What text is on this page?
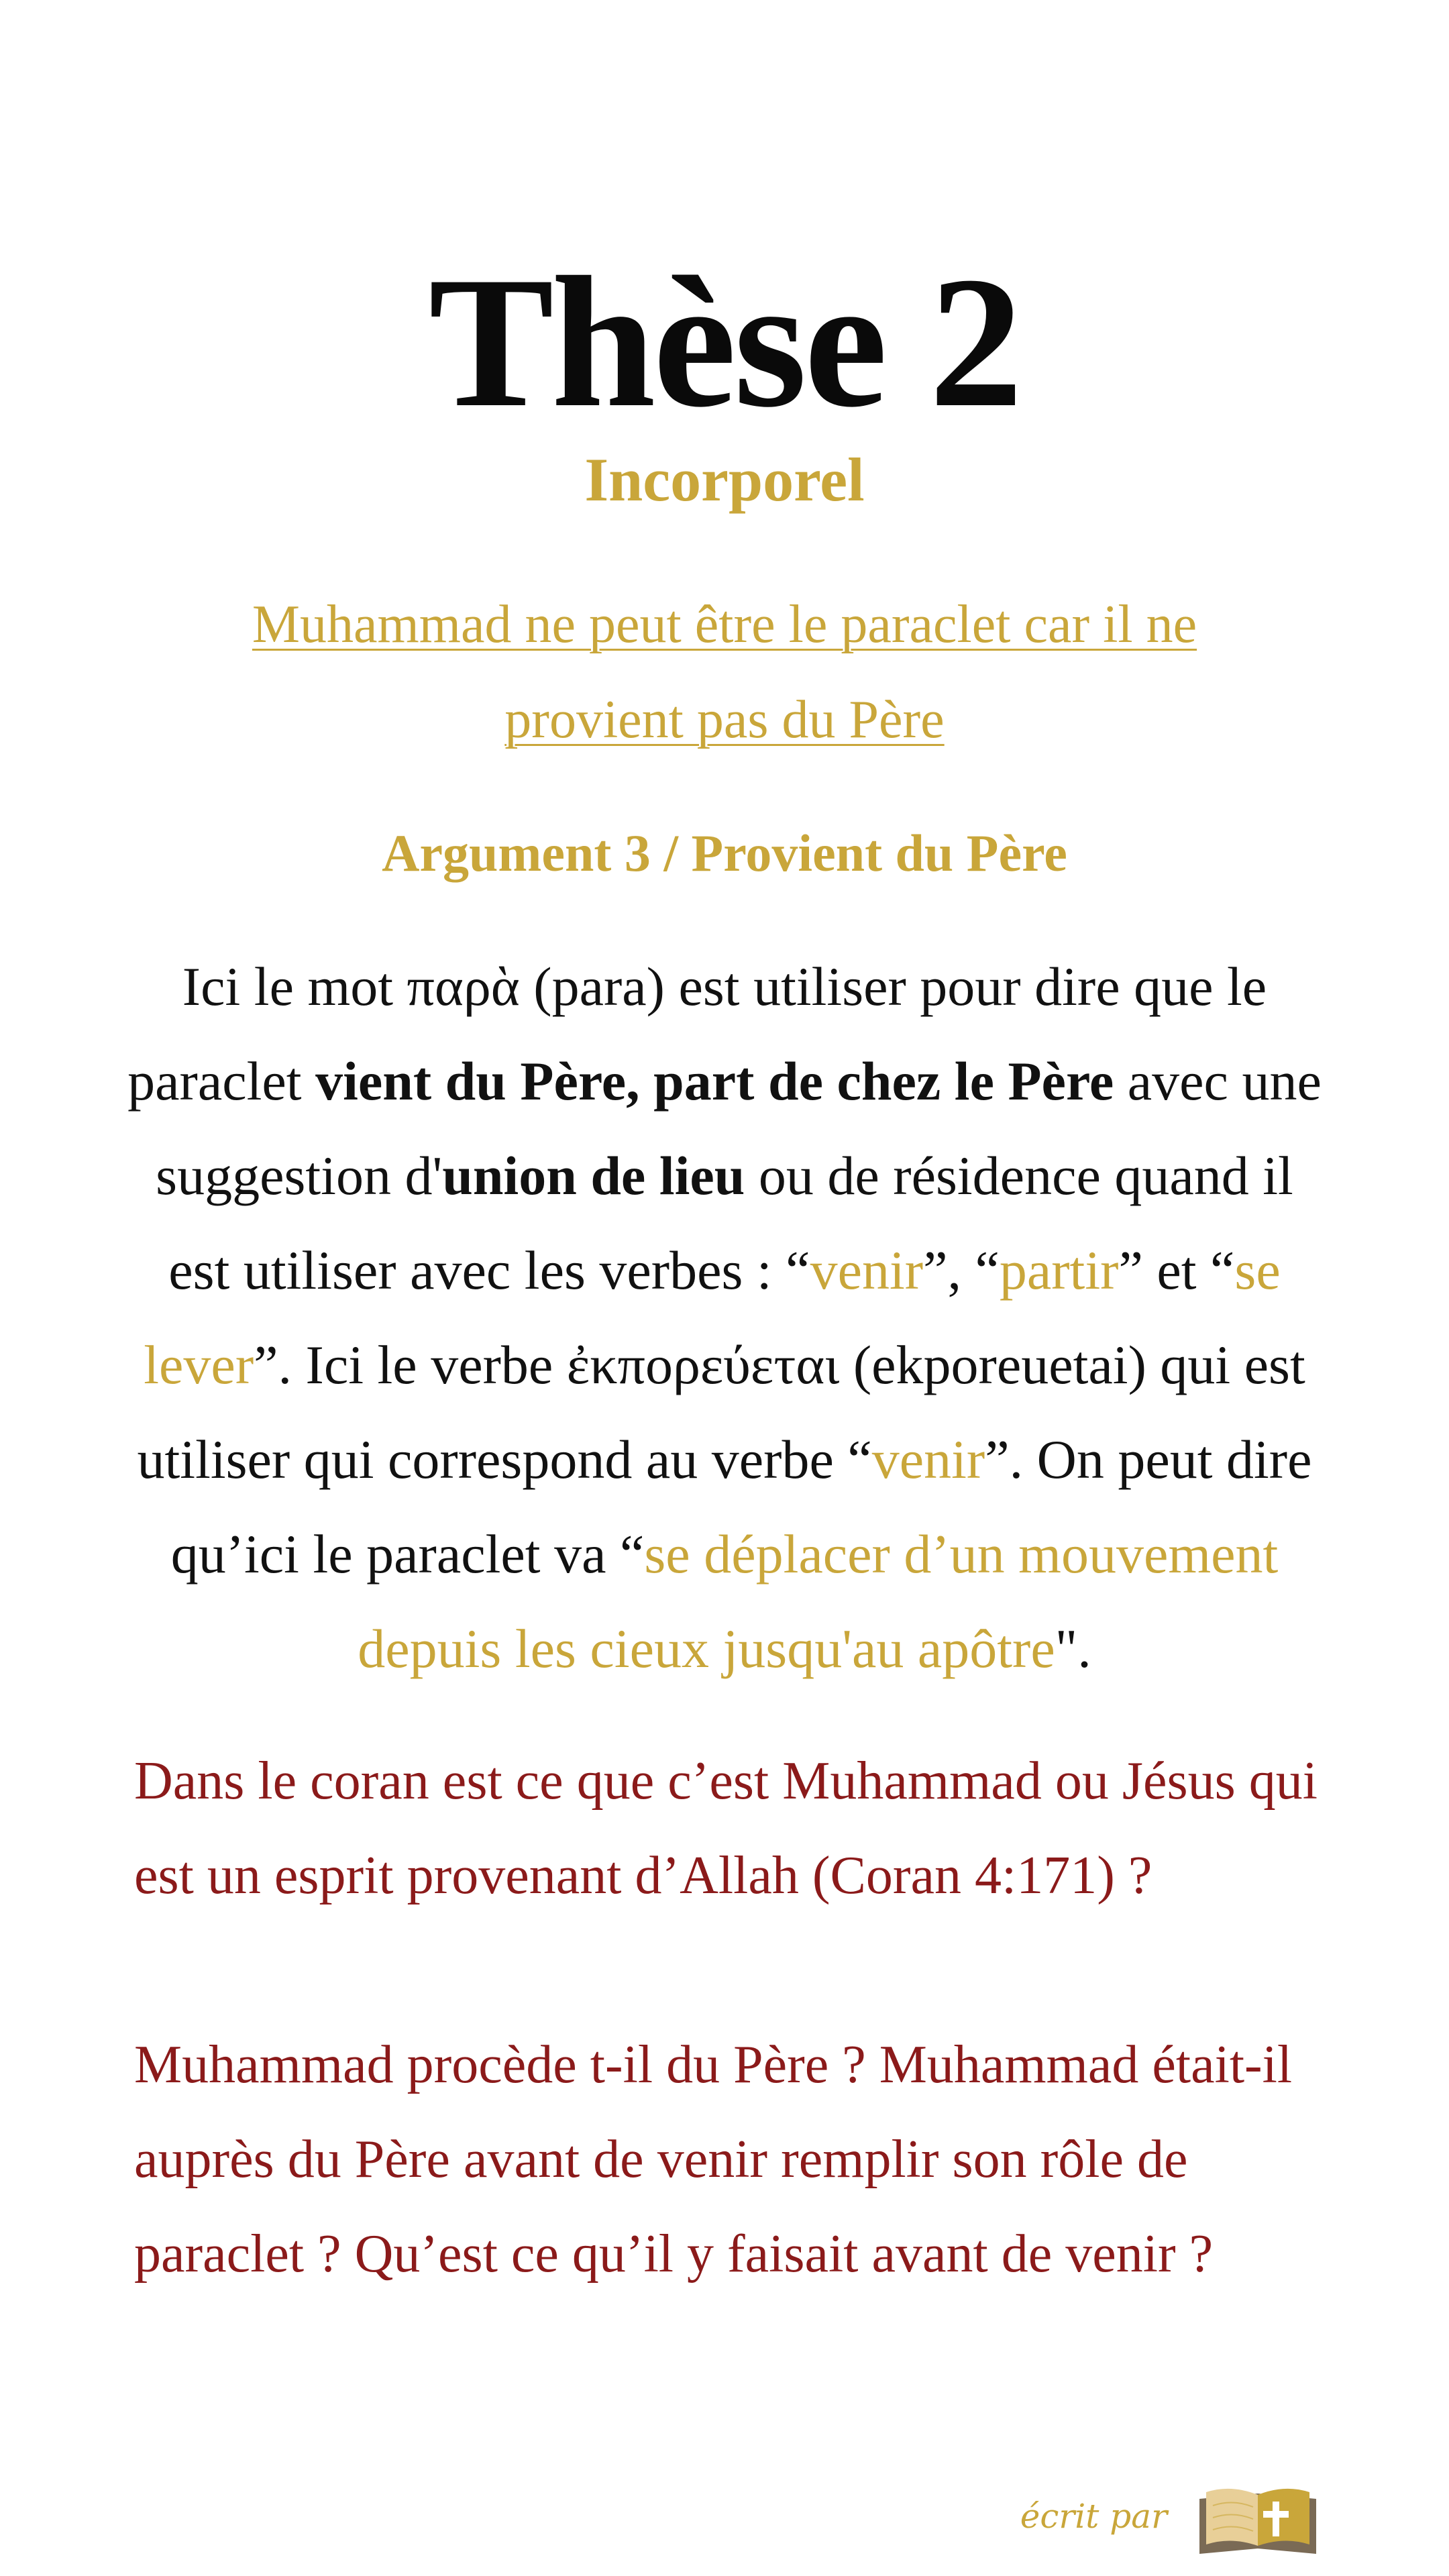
Thèse 2
Incorporel
Muhammad ne peut être le paraclet car il ne
provient pas du Père
Argument 3 / Provient du Père
Ici le mot παρὰ (para) est utiliser pour dire que le paraclet vient du Père, part de chez le Père avec une suggestion d'union de lieu ou de résidence quand il est utiliser avec les verbes : “venir”, “partir” et “se lever”. Ici le verbe ἐκπορεύεται (ekporeuetai) qui est utiliser qui correspond au verbe “venir”. On peut dire qu’ici le paraclet va “se déplacer d’un mouvement depuis les cieux jusqu'au apôtre".

Dans le coran est ce que c’est Muhammad ou Jésus qui est un esprit provenant d’Allah (Coran 4:171) ?

Muhammad procède t-il du Père ? Muhammad était-il auprès du Père avant de venir remplir son rôle de paraclet ? Qu’est ce qu’il y faisait avant de venir ?

écrit par
